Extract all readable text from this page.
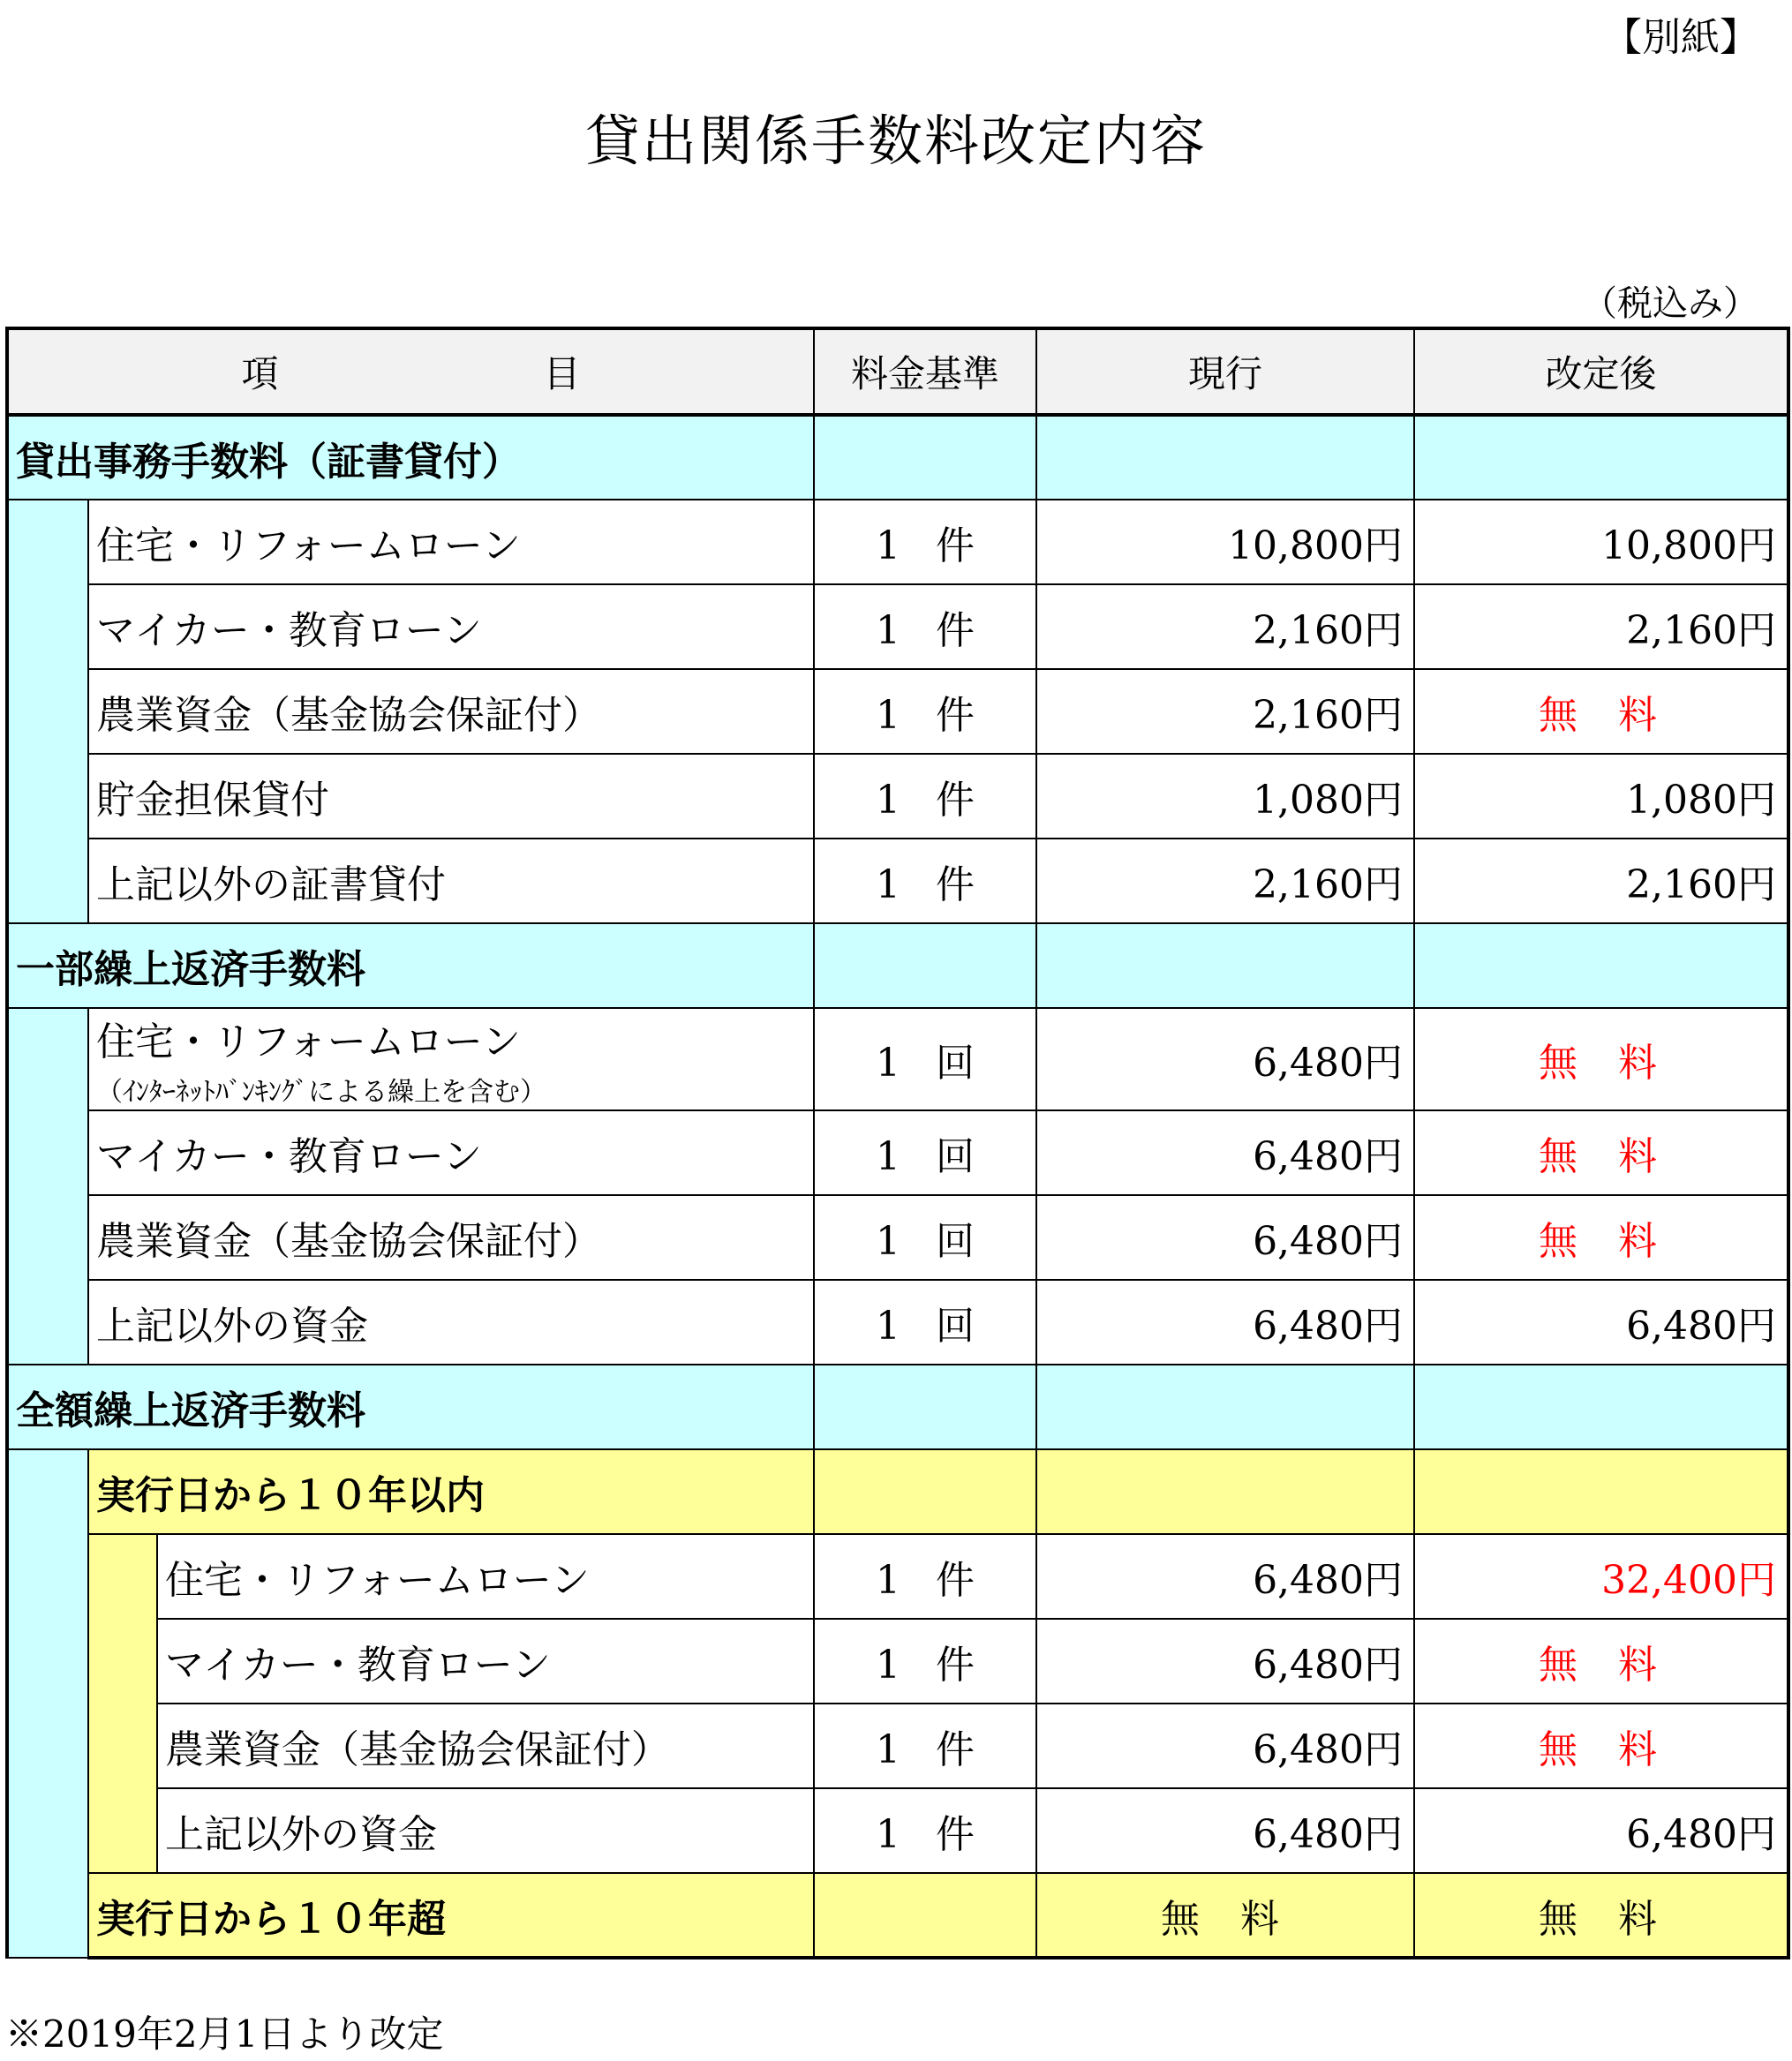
【別紙】
貸出関係手数料改定内容
（税込み）
項 目			料金基準	現行	改定後
貸出事務手数料（証書貸付）					
	住宅・リフォームローン		1件	10,800円	10,800円
	マイカー・教育ローン		1件	2,160円	2,160円
	農業資金（基金協会保証付）		1件	2,160円	無料
	貯金担保貸付		1件	1,080円	1,080円
	上記以外の証書貸付		1件	2,160円	2,160円
一部繰上返済手数料					
	住宅・リフォームローン
（ｲﾝﾀｰﾈｯﾄﾊﾞﾝｷﾝｸﾞによる繰上を含む）		1回	6,480円	無料
	マイカー・教育ローン		1回	6,480円	無料
	農業資金（基金協会保証付）		1回	6,480円	無料
	上記以外の資金		1回	6,480円	6,480円
全額繰上返済手数料					
	実行日から１０年以内				
		住宅・リフォームローン	1件	6,480円	32,400円
		マイカー・教育ローン	1件	6,480円	無料
		農業資金（基金協会保証付）	1件	6,480円	無料
		上記以外の資金	1件	6,480円	6,480円
	実行日から１０年超			無料	無料
※2019年2月1日より改定
